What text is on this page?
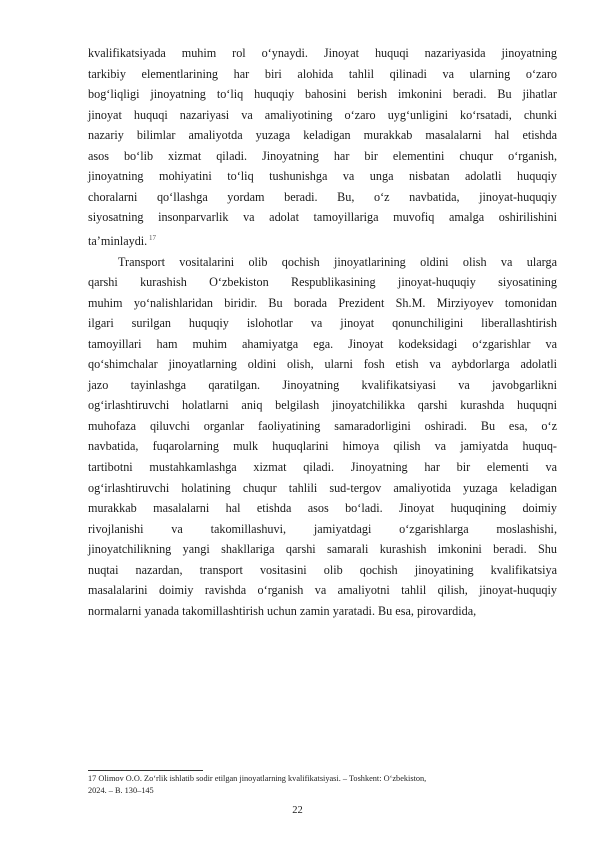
kvalifikatsiyada muhim rol o‘ynaydi. Jinoyat huquqi nazariyasida jinoyatning
tarkibiy elementlarining har biri alohida tahlil qilinadi va ularning o‘zaro
bog‘liqligi jinoyatning to‘liq huquqiy bahosini berish imkonini beradi. Bu jihatlar
jinoyat huquqi nazariyasi va amaliyotining o‘zaro uyg‘unligini ko‘rsatadi, chunki
nazariy bilimlar amaliyotda yuzaga keladigan murakkab masalalarni hal etishda
asos bo‘lib xizmat qiladi. Jinoyatning har bir elementini chuqur o‘rganish,
jinoyatning mohiyatini to‘liq tushunishga va unga nisbatan adolatli huquqiy
choralarni qo‘llashga yordam beradi. Bu, o‘z navbatida, jinoyat-huquqiy
siyosatning insonparvarlik va adolat tamoyillariga muvofiq amalga oshirilishini
ta’minlaydi. $^{17}$

Transport vositalarini olib qochish jinoyatlarining oldini olish va ularga
qarshi kurashish O‘zbekiston Respublikasining jinoyat-huquqiy siyosatining
muhim yo‘nalishlaridan biridir. Bu borada Prezident Sh.M. Mirziyoyev tomonidan
ilgari surilgan huquqiy islohotlar va jinoyat qonunchiligini liberallashtirish
tamoyillari ham muhim ahamiyatga ega. Jinoyat kodeksidagi o‘zgarishlar va
qo‘shimchalar jinoyatlarning oldini olish, ularni fosh etish va aybdorlarga adolatli
jazo tayinlashga qaratilgan. Jinoyatning kvalifikatsiyasi va javobgarlikni
og‘irlashtiruvchi holatlarni aniq belgilash jinoyatchilikka qarshi kurashda huquqni
muhofaza qiluvchi organlar faoliyatining samaradorligini oshiradi. Bu esa, o‘z
navbatida, fuqarolarning mulk huquqlarini himoya qilish va jamiyatda huquq-
tartibotni mustahkamlashga xizmat qiladi. Jinoyatning har bir elementi va
og‘irlashtiruvchi holatining chuqur tahlili sud-tergov amaliyotida yuzaga keladigan
murakkab masalalarni hal etishda asos bo‘ladi. Jinoyat huquqining doimiy
rivojlanishi va takomillashuvi, jamiyatdagi o‘zgarishlarga moslashishi,
jinoyatchilikning yangi shakllariga qarshi samarali kurashish imkonini beradi. Shu
nuqtai nazardan, transport vositasini olib qochish jinoyatining kvalifikatsiya
masalalarini doimiy ravishda o‘rganish va amaliyotni tahlil qilish, jinoyat-huquqiy
normalarni yanada takomillashtirish uchun zamin yaratadi. Bu esa, pirovardida,

17 Olimov O.O. Zo‘rlik ishlatib sodir etilgan jinoyatlarning kvalifikatsiyasi. – Toshkent: O‘zbekiston,
2024. – B. 130–145
22
